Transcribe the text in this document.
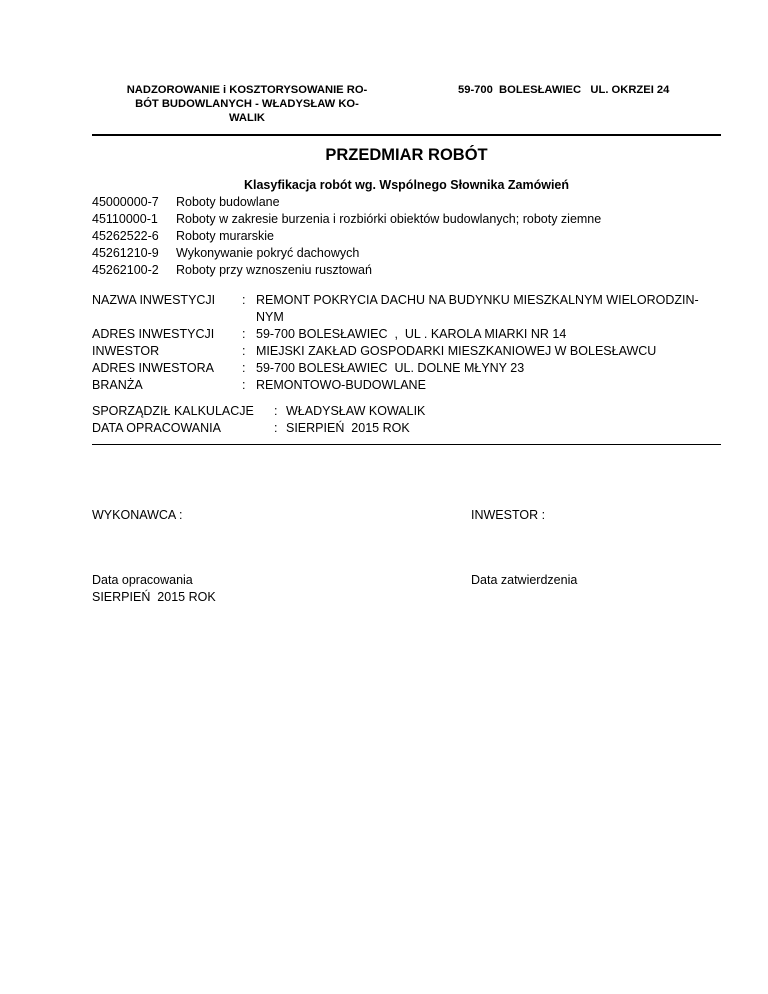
NADZOROWANIE i KOSZTORYSOWANIE RO-
BÓT BUDOWLANYCH - WŁADYSŁAW KO-
WALIK
59-700  BOLESŁAWIEC   UL. OKRZEI 24
PRZEDMIAR ROBÓT
Klasyfikacja robót wg. Wspólnego Słownika Zamówień
45000000-7	Roboty budowlane
45110000-1	Roboty w zakresie burzenia i rozbiórki obiektów budowlanych; roboty ziemne
45262522-6	Roboty murarskie
45261210-9	Wykonywanie pokryć dachowych
45262100-2	Roboty przy wznoszeniu rusztowań
NAZWA INWESTYCJI	: REMONT POKRYCIA DACHU NA BUDYNKU MIESZKALNYM WIELORODZIN-
NYM
ADRES INWESTYCJI	: 59-700 BOLESŁAWIEC  ,  UL . KAROLA MIARKI NR 14
INWESTOR	: MIEJSKI ZAKŁAD GOSPODARKI MIESZKANIOWEJ W BOLESŁAWCU
ADRES INWESTORA	: 59-700 BOLESŁAWIEC  UL. DOLNE MŁYNY 23
BRANŻA	: REMONTOWO-BUDOWLANE
SPORZĄDZIŁ KALKULACJE	: WŁADYSŁAW KOWALIK
DATA OPRACOWANIA	: SIERPIEŃ  2015 ROK
WYKONAWCA :	INWESTOR :
Data opracowania
SIERPIEŃ  2015 ROK
Data zatwierdzenia
